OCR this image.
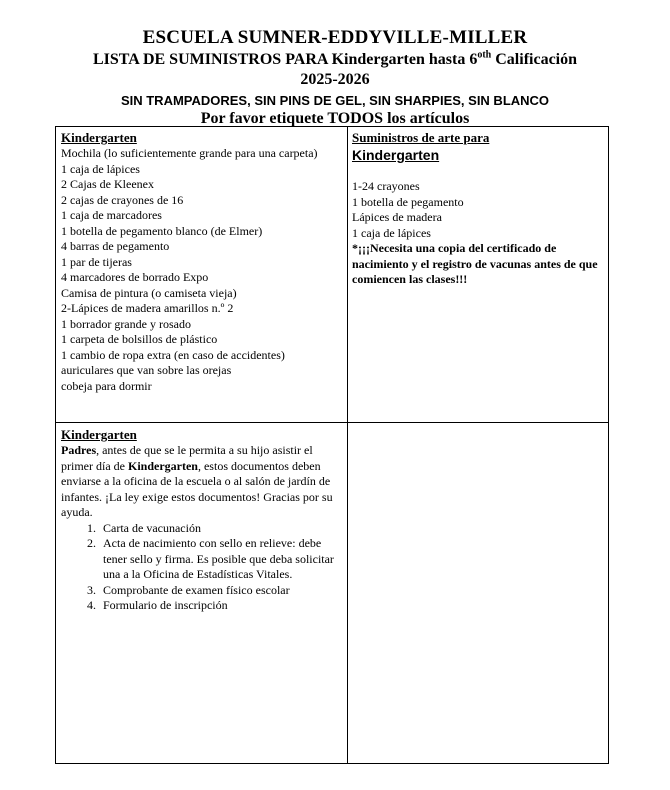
ESCUELA SUMNER-EDDYVILLE-MILLER
LISTA DE SUMINISTROS PARA Kindergarten hasta $6^{oth}$ Calificación
2025-2026
SIN TRAMPADORES, SIN PINS DE GEL, SIN SHARPIES, SIN BLANCO
Por favor etiquete TODOS los artículos
Kindergarten
Mochila (lo suficientemente grande para una carpeta)
1 caja de lápices
2 Cajas de Kleenex
2 cajas de crayones de 16
1 caja de marcadores
1 botella de pegamento blanco (de Elmer)
4 barras de pegamento
1 par de tijeras
4 marcadores de borrado Expo
Camisa de pintura (o camiseta vieja)
2-Lápices de madera amarillos n.º 2
1 borrador grande y rosado
1 carpeta de bolsillos de plástico
1 cambio de ropa extra (en caso de accidentes)
auriculares que van sobre las orejas
cobeja para dormir
Suministros de arte para
Kindergarten
1-24 crayones
1 botella de pegamento
Lápices de madera
1 caja de lápices
*¡¡¡Necesita una copia del certificado de nacimiento y el registro de vacunas antes de que comiencen las clases!!!
Kindergarten
Padres, antes de que se le permita a su hijo asistir el primer día de Kindergarten, estos documentos deben enviarse a la oficina de la escuela o al salón de jardín de infantes. ¡La ley exige estos documentos! Gracias por su ayuda.
1. Carta de vacunación
2. Acta de nacimiento con sello en relieve: debe tener sello y firma. Es posible que deba solicitar una a la Oficina de Estadísticas Vitales.
3. Comprobante de examen físico escolar
4. Formulario de inscripción
